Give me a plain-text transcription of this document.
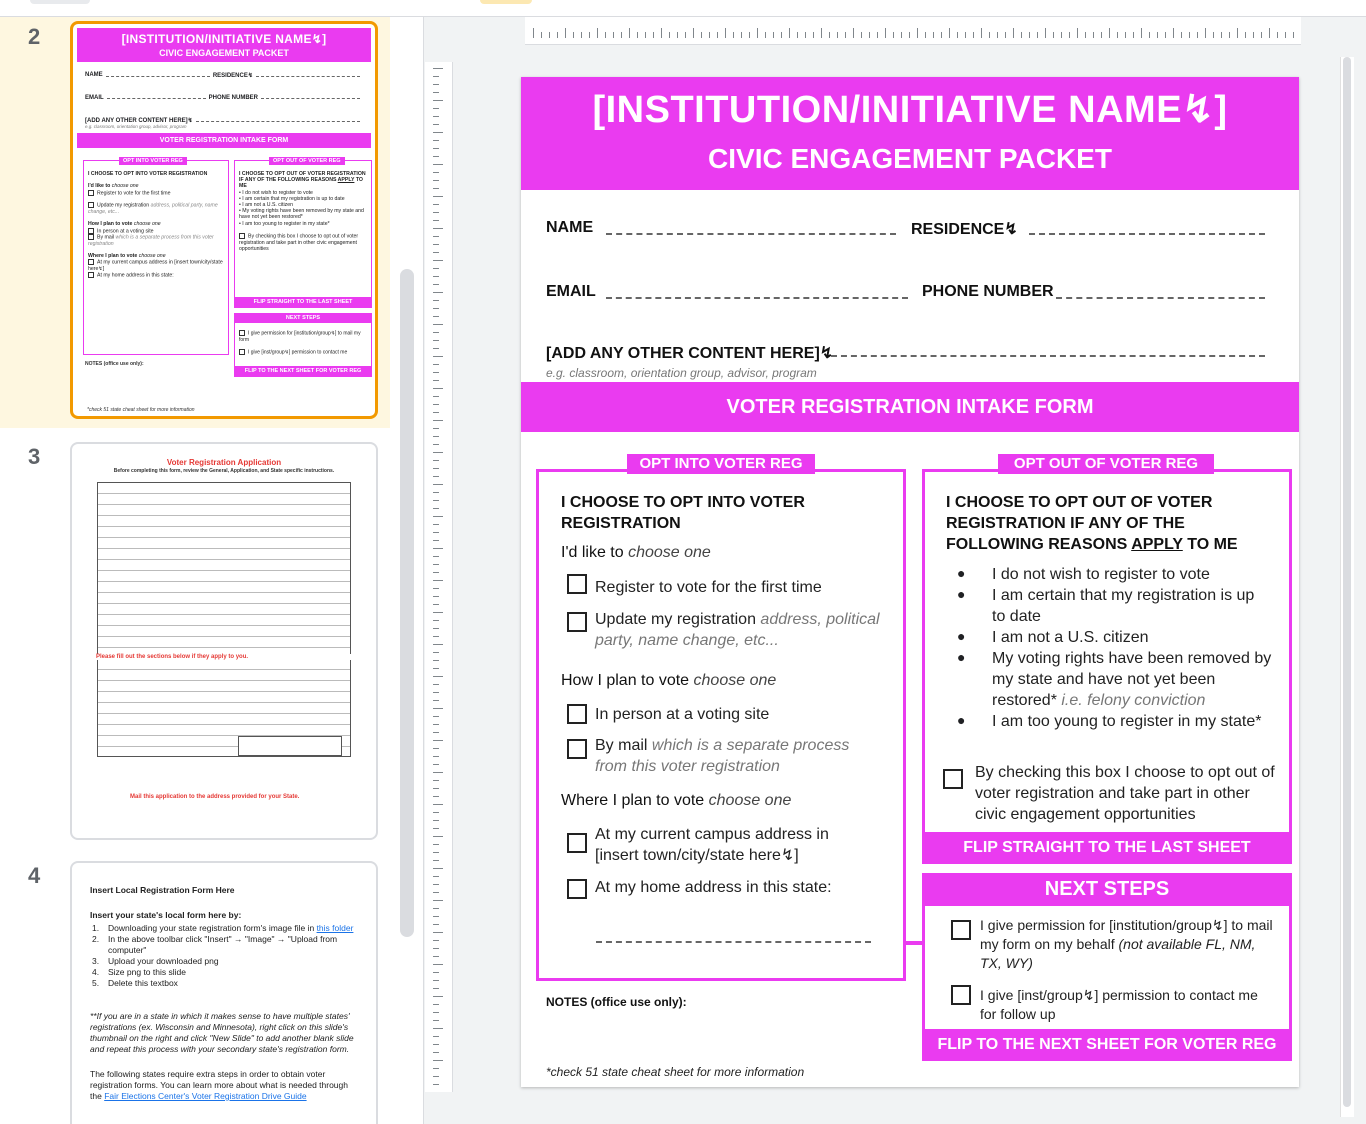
2	[INSTITUTION/INITIATIVE NAME↯]
CIVIC ENGAGEMENT PACKET
NAME	RESIDENCE↯
EMAIL	PHONE NUMBER
[ADD ANY OTHER CONTENT HERE]↯
e.g. classroom, orientation group, advisor, program
VOTER REGISTRATION INTAKE FORM
I CHOOSE TO OPT INTO VOTER REGISTRATION

I'd like to choose one
Register to vote for the first time

Update my registration address, political party, name change, etc...

How I plan to vote choose one
In person at a voting site
By mail which is a separate process from this voter registration

Where I plan to vote choose one
At my current campus address in [insert town/city/state here↯]
At my home address in this state:
OPT INTO VOTER REG
I CHOOSE TO OPT OUT OF VOTER REGISTRATION IF ANY OF THE FOLLOWING REASONS APPLY TO ME
• I do not wish to register to vote
• I am certain that my registration is up to date
• I am not a U.S. citizen
• My voting rights have been removed by my state and have not yet been restored*
• I am too young to register in my state*

By checking this box I choose to opt out of voter registration and take part in other civic engagement opportunities
OPT OUT OF VOTER REG
FLIP STRAIGHT TO THE LAST SHEET

I give permission for [institution/group↯] to mail my form

I give [inst/group↯] permission to contact me
NEXT STEPS
FLIP TO THE NEXT SHEET FOR VOTER REG
NOTES (office use only):
*check 51 state cheat sheet for more information
3	Voter Registration Application
Before completing this form, review the General, Application, and State specific instructions.
Please fill out the sections below if they apply to you.
Mail this application to the address provided for your State.
4
Insert Local Registration Form Here
Insert your state's local form here by:
1. Downloading your state registration form's image file in this folder
2. In the above toolbar click "Insert" → "Image" → "Upload from computer"
3. Upload your downloaded png
4. Size png to this slide
5. Delete this textbox
**If you are in a state in which it makes sense to have multiple states' registrations (ex. Wisconsin and Minnesota), right click on this slide's thumbnail on the right and click "New Slide" to add another blank slide and repeat this process with your secondary state's registration form.
The following states require extra steps in order to obtain voter registration forms. You can learn more about what is needed through the Fair Elections Center's Voter Registration Drive Guide
[INSTITUTION/INITIATIVE NAME↯]
CIVIC ENGAGEMENT PACKET
NAME	RESIDENCE↯
EMAIL	PHONE NUMBER
[ADD ANY OTHER CONTENT HERE]↯
e.g. classroom, orientation group, advisor, program
VOTER REGISTRATION INTAKE FORM
OPT INTO VOTER REG
I CHOOSE TO OPT INTO VOTER REGISTRATION
I'd like to choose one
Register to vote for the first time
Update my registration address, political party, name change, etc...
How I plan to vote choose one
In person at a voting site
By mail which is a separate process from this voter registration
Where I plan to vote choose one
At my current campus address in [insert town/city/state here↯]
At my home address in this state:
OPT OUT OF VOTER REG
I CHOOSE TO OPT OUT OF VOTER REGISTRATION IF ANY OF THE FOLLOWING REASONS APPLY TO ME
● I do not wish to register to vote
● I am certain that my registration is up to date
● I am not a U.S. citizen
● My voting rights have been removed by my state and have not yet been restored* i.e. felony conviction
● I am too young to register in my state*
By checking this box I choose to opt out of voter registration and take part in other civic engagement opportunities
FLIP STRAIGHT TO THE LAST SHEET
NEXT STEPS
I give permission for [institution/group↯] to mail my form on my behalf (not available FL, NM, TX, WY)
I give [inst/group↯] permission to contact me for follow up
FLIP TO THE NEXT SHEET FOR VOTER REG
NOTES (office use only):
*check 51 state cheat sheet for more information
